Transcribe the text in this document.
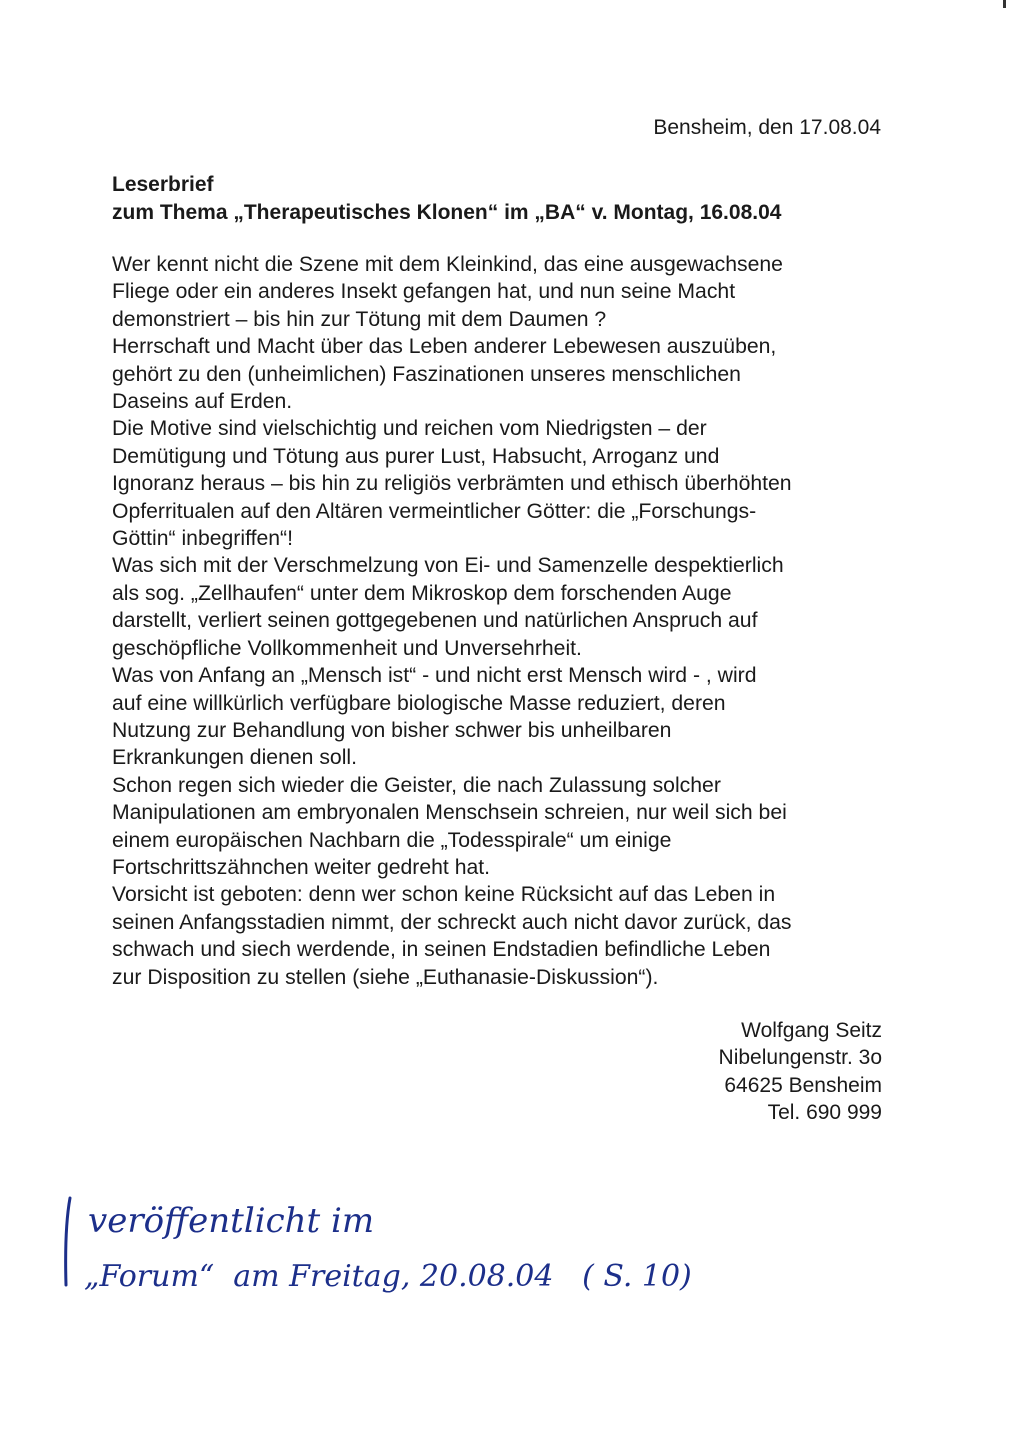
Bensheim, den 17.08.04
Leserbrief
zum Thema „Therapeutisches Klonen“ im „BA“ v. Montag, 16.08.04
Wer kennt nicht die Szene mit dem Kleinkind, das eine ausgewachsene
Fliege oder ein anderes Insekt gefangen hat, und nun seine Macht
demonstriert – bis hin zur Tötung mit dem Daumen ?
Herrschaft und Macht über das Leben anderer Lebewesen auszuüben,
gehört zu den (unheimlichen) Faszinationen unseres menschlichen
Daseins auf Erden.
Die Motive sind vielschichtig und reichen vom Niedrigsten – der
Demütigung und Tötung aus purer Lust, Habsucht, Arroganz und
Ignoranz heraus – bis hin zu religiös verbrämten und ethisch überhöhten
Opferritualen auf den Altären vermeintlicher Götter: die „Forschungs-
Göttin“ inbegriffen“!
Was sich mit der Verschmelzung von Ei- und Samenzelle despektierlich
als sog. „Zellhaufen“ unter dem Mikroskop dem forschenden Auge
darstellt, verliert seinen gottgegebenen und natürlichen Anspruch auf
geschöpfliche Vollkommenheit und Unversehrheit.
Was von Anfang an „Mensch ist“ - und nicht erst Mensch wird - , wird
auf eine willkürlich verfügbare biologische Masse reduziert, deren
Nutzung zur Behandlung von bisher schwer bis unheilbaren
Erkrankungen dienen soll.
Schon regen sich wieder die Geister, die nach Zulassung solcher
Manipulationen am embryonalen Menschsein schreien, nur weil sich bei
einem europäischen Nachbarn die „Todesspirale“ um einige
Fortschrittszähnchen weiter gedreht hat.
Vorsicht ist geboten: denn wer schon keine Rücksicht auf das Leben in
seinen Anfangsstadien nimmt, der schreckt auch nicht davor zurück, das
schwach und siech werdende, in seinen Endstadien befindliche Leben
zur Disposition zu stellen (siehe „Euthanasie-Diskussion“).
Wolfgang Seitz
Nibelungenstr. 3o
64625 Bensheim
Tel. 690 999
veröffentlicht im
„Forum“  am Freitag, 20.08.04   ( S. 10)
